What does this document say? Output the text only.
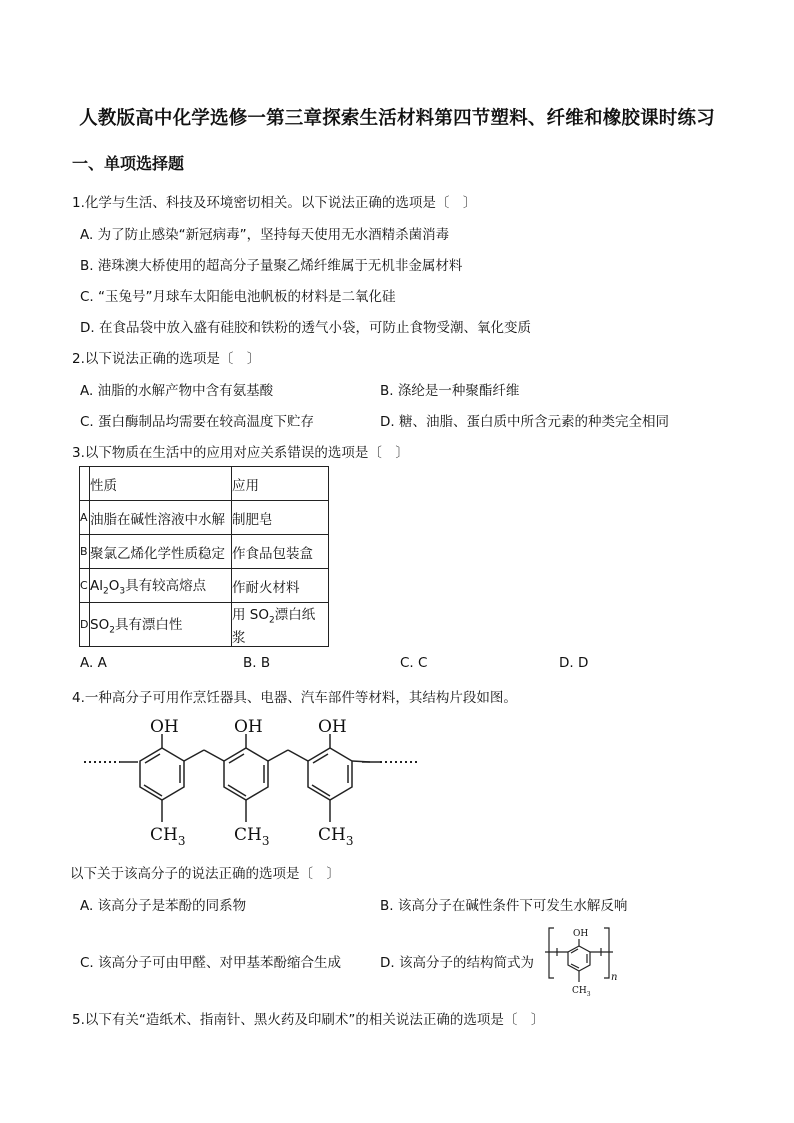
人教版高中化学选修一第三章探索生活材料第四节塑料、纤维和橡胶课时练习
一、单项选择题
1.化学与生活、科技及环境密切相关。以下说法正确的选项是〔　〕
A. 为了防止感染“新冠病毒”，坚持每天使用无水酒精杀菌消毒
B. 港珠澳大桥使用的超高分子量聚乙烯纤维属于无机非金属材料
C. “玉兔号”月球车太阳能电池帆板的材料是二氧化硅
D. 在食品袋中放入盛有硅胶和铁粉的透气小袋，可防止食物受潮、氧化变质
2.以下说法正确的选项是〔　〕
A. 油脂的水解产物中含有氨基酸	B. 涤纶是一种聚酯纤维
C. 蛋白酶制品均需要在较高温度下贮存	D. 糖、油脂、蛋白质中所含元素的种类完全相同
3.以下物质在生活中的应用对应关系错误的选项是〔　〕
	性质	应用
A	油脂在碱性溶液中水解	制肥皂
B	聚氯乙烯化学性质稳定	作食品包装盒
C	$Al_2O_3$具有较高熔点	作耐火材料
D	$SO_2$具有漂白性	用 $SO_2$漂白纸浆
A. A	B. B	C. C	D. D
4.一种高分子可用作烹饪器具、电器、汽车部件等材料，其结构片段如图。
OH	OH	OH
$CH_3$	$CH_3$	$CH_3$
以下关于该高分子的说法正确的选项是〔　〕
A. 该高分子是苯酚的同系物	B. 该高分子在碱性条件下可发生水解反响
C. 该高分子可由甲醛、对甲基苯酚缩合生成	D. 该高分子的结构简式为
OH
$CH_3$
n
5.以下有关“造纸术、指南针、黑火药及印刷术”的相关说法正确的选项是〔　〕
